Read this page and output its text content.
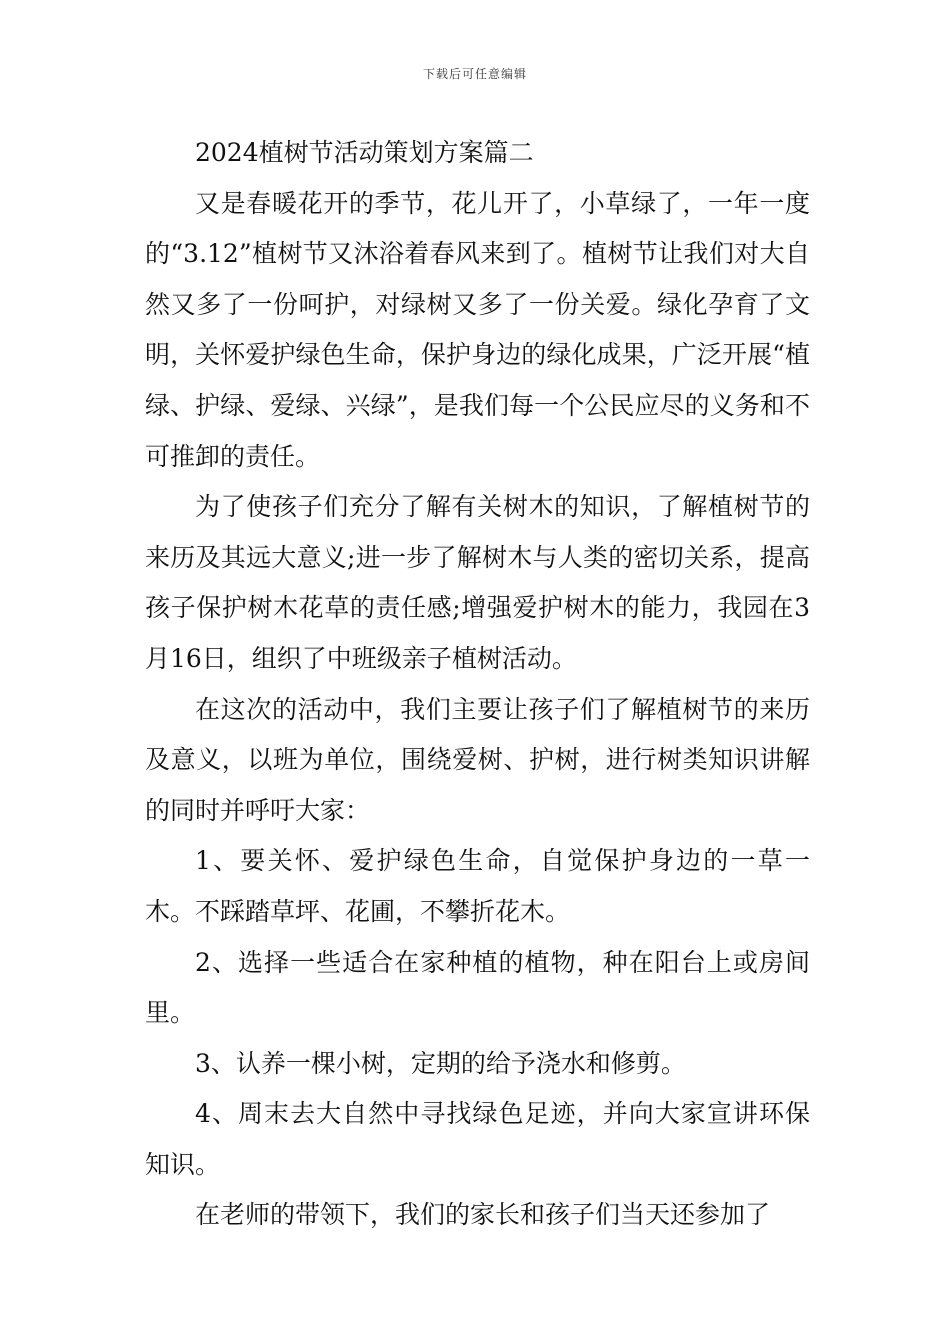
下载后可任意编辑

2024植树节活动策划方案篇二

又是春暖花开的季节，花儿开了，小草绿了，一年一度的“3.12”植树节又沐浴着春风来到了。植树节让我们对大自然又多了一份呵护，对绿树又多了一份关爱。绿化孕育了文明，关怀爱护绿色生命，保护身边的绿化成果，广泛开展“植绿、护绿、爱绿、兴绿”，是我们每一个公民应尽的义务和不可推卸的责任。

为了使孩子们充分了解有关树木的知识，了解植树节的来历及其远大意义;进一步了解树木与人类的密切关系，提高孩子保护树木花草的责任感;增强爱护树木的能力，我园在3月16日，组织了中班级亲子植树活动。

在这次的活动中，我们主要让孩子们了解植树节的来历及意义，以班为单位，围绕爱树、护树，进行树类知识讲解的同时并呼吁大家：

1、要关怀、爱护绿色生命，自觉保护身边的一草一木。不踩踏草坪、花圃，不攀折花木。

2、选择一些适合在家种植的植物，种在阳台上或房间里。

3、认养一棵小树，定期的给予浇水和修剪。

4、周末去大自然中寻找绿色足迹，并向大家宣讲环保知识。

在老师的带领下，我们的家长和孩子们当天还参加了
